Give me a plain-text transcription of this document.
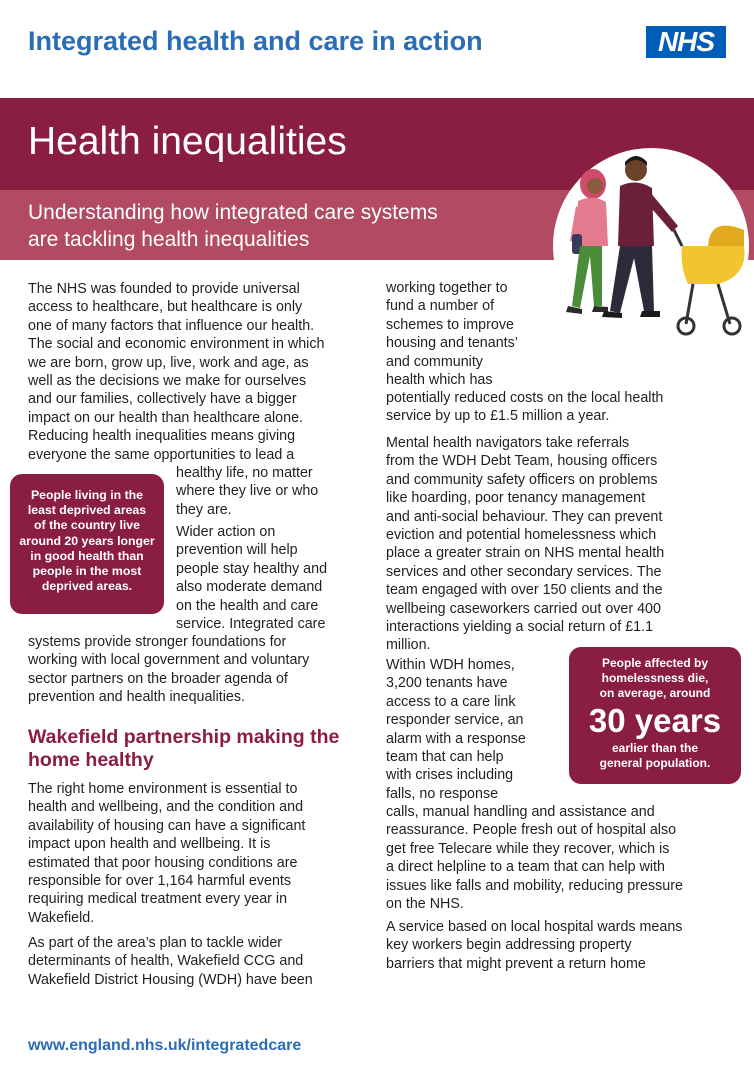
Integrated health and care in action	NHS
Health inequalities
Understanding how integrated care systems
are tackling health inequalities
The NHS was founded to provide universal
access to healthcare, but healthcare is only
one of many factors that influence our health.
The social and economic environment in which
we are born, grow up, live, work and age, as
well as the decisions we make for ourselves
and our families, collectively have a bigger
impact on our health than healthcare alone.
Reducing health inequalities means giving
everyone the same opportunities to lead a
healthy life, no matter
where they live or who
they are.
People living in the
least deprived areas
of the country live
around 20 years longer
in good health than
people in the most
deprived areas.
Wider action on
prevention will help
people stay healthy and
also moderate demand
on the health and care
service. Integrated care
systems provide stronger foundations for
working with local government and voluntary
sector partners on the broader agenda of
prevention and health inequalities.
Wakefield partnership making the
home healthy
The right home environment is essential to
health and wellbeing, and the condition and
availability of housing can have a significant
impact upon health and wellbeing. It is
estimated that poor housing conditions are
responsible for over 1,164 harmful events
requiring medical treatment every year in
Wakefield.
As part of the area’s plan to tackle wider
determinants of health, Wakefield CCG and
Wakefield District Housing (WDH) have been
working together to
fund a number of
schemes to improve
housing and tenants’
and community
health which has
potentially reduced costs on the local health
service by up to £1.5 million a year.
Mental health navigators take referrals
from the WDH Debt Team, housing officers
and community safety officers on problems
like hoarding, poor tenancy management
and anti-social behaviour. They can prevent
eviction and potential homelessness which
place a greater strain on NHS mental health
services and other secondary services. The
team engaged with over 150 clients and the
wellbeing caseworkers carried out over 400
interactions yielding a social return of £1.1
million.
Within WDH homes,
3,200 tenants have
access to a care link
responder service, an
alarm with a response
team that can help
with crises including
falls, no response
People affected by
homelessness die,
on average, around
30 years
earlier than the
general population.
calls, manual handling and assistance and
reassurance. People fresh out of hospital also
get free Telecare while they recover, which is
a direct helpline to a team that can help with
issues like falls and mobility, reducing pressure
on the NHS.
A service based on local hospital wards means
key workers begin addressing property
barriers that might prevent a return home
www.england.nhs.uk/integratedcare
